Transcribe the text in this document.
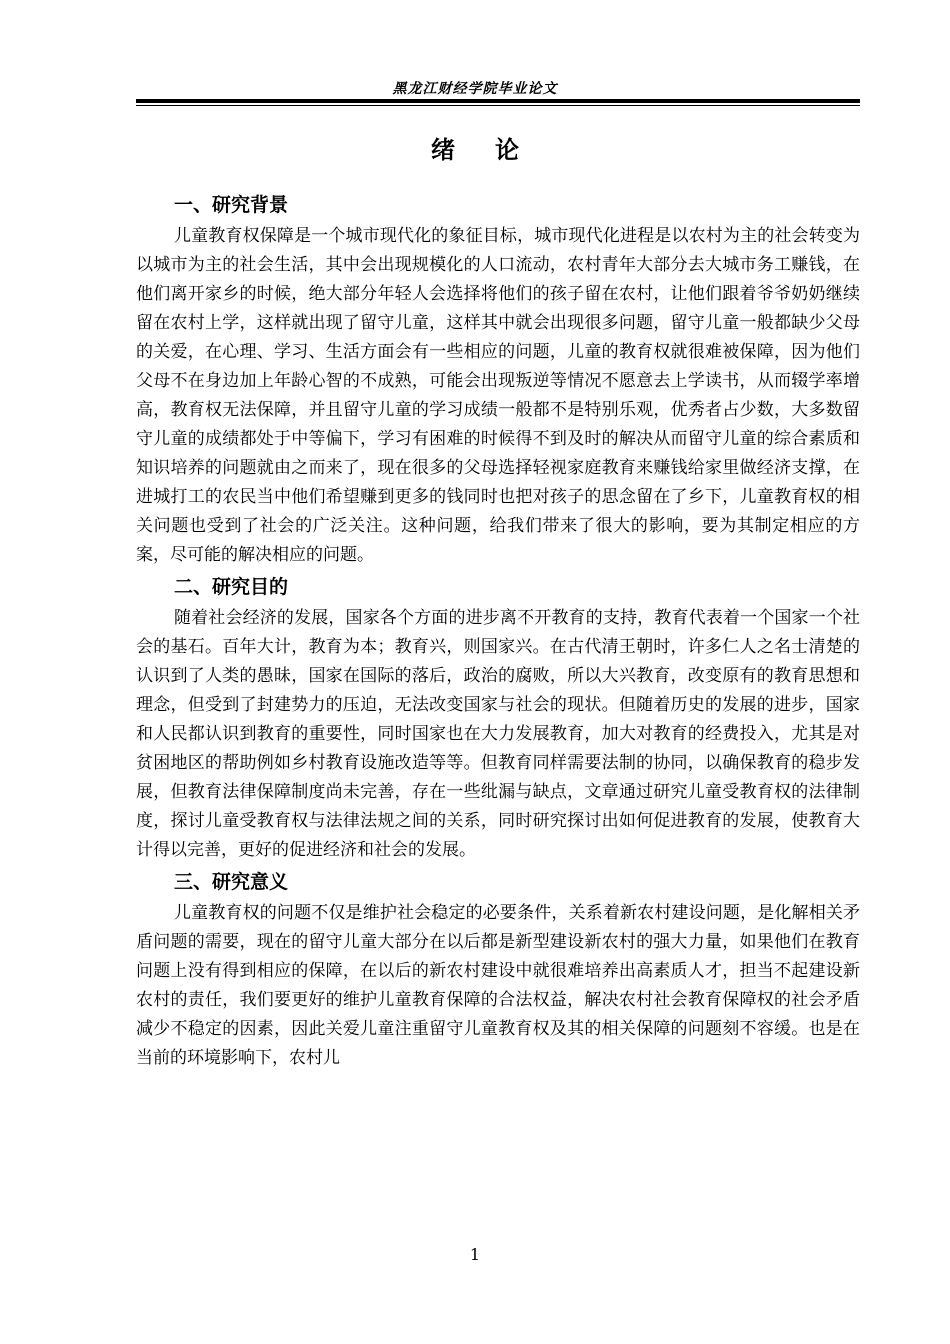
黑龙江财经学院毕业论文
绪论
一、研究背景

儿童教育权保障是一个城市现代化的象征目标，城市现代化进程是以农村为主的社会转变为以城市为主的社会生活，其中会出现规模化的人口流动，农村青年大部分去大城市务工赚钱，在他们离开家乡的时候，绝大部分年轻人会选择将他们的孩子留在农村，让他们跟着爷爷奶奶继续留在农村上学，这样就出现了留守儿童，这样其中就会出现很多问题，留守儿童一般都缺少父母的关爱，在心理、学习、生活方面会有一些相应的问题，儿童的教育权就很难被保障，因为他们父母不在身边加上年龄心智的不成熟，可能会出现叛逆等情况不愿意去上学读书，从而辍学率增高，教育权无法保障，并且留守儿童的学习成绩一般都不是特别乐观，优秀者占少数，大多数留守儿童的成绩都处于中等偏下，学习有困难的时候得不到及时的解决从而留守儿童的综合素质和知识培养的问题就由之而来了，现在很多的父母选择轻视家庭教育来赚钱给家里做经济支撑，在进城打工的农民当中他们希望赚到更多的钱同时也把对孩子的思念留在了乡下，儿童教育权的相关问题也受到了社会的广泛关注。这种问题，给我们带来了很大的影响，要为其制定相应的方案，尽可能的解决相应的问题。

二、研究目的

随着社会经济的发展，国家各个方面的进步离不开教育的支持，教育代表着一个国家一个社会的基石。百年大计，教育为本；教育兴，则国家兴。在古代清王朝时，许多仁人之名士清楚的认识到了人类的愚昧，国家在国际的落后，政治的腐败，所以大兴教育，改变原有的教育思想和理念，但受到了封建势力的压迫，无法改变国家与社会的现状。但随着历史的发展的进步，国家和人民都认识到教育的重要性，同时国家也在大力发展教育，加大对教育的经费投入，尤其是对贫困地区的帮助例如乡村教育设施改造等等。但教育同样需要法制的协同，以确保教育的稳步发展，但教育法律保障制度尚未完善，存在一些纰漏与缺点，文章通过研究儿童受教育权的法律制度，探讨儿童受教育权与法律法规之间的关系，同时研究探讨出如何促进教育的发展，使教育大计得以完善，更好的促进经济和社会的发展。

三、研究意义

儿童教育权的问题不仅是维护社会稳定的必要条件，关系着新农村建设问题，是化解相关矛盾问题的需要，现在的留守儿童大部分在以后都是新型建设新农村的强大力量，如果他们在教育问题上没有得到相应的保障，在以后的新农村建设中就很难培养出高素质人才，担当不起建设新农村的责任，我们要更好的维护儿童教育保障的合法权益，解决农村社会教育保障权的社会矛盾减少不稳定的因素，因此关爱儿童注重留守儿童教育权及其的相关保障的问题刻不容缓。也是在当前的环境影响下，农村儿

1
